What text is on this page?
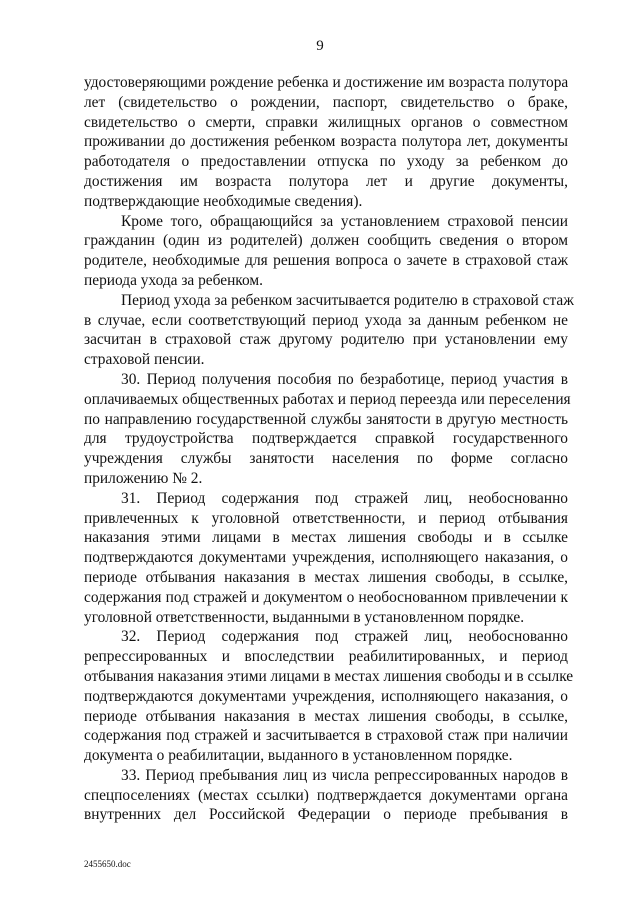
9
удостоверяющими рождение ребенка и достижение им возраста полутора
лет (свидетельство о рождении, паспорт, свидетельство о браке,
свидетельство о смерти, справки жилищных органов о совместном
проживании до достижения ребенком возраста полутора лет, документы
работодателя о предоставлении отпуска по уходу за ребенком до
достижения им возраста полутора лет и другие документы,
подтверждающие необходимые сведения).
Кроме того, обращающийся за установлением страховой пенсии
гражданин (один из родителей) должен сообщить сведения о втором
родителе, необходимые для решения вопроса о зачете в страховой стаж
периода ухода за ребенком.
Период ухода за ребенком засчитывается родителю в страховой стаж
в случае, если соответствующий период ухода за данным ребенком не
засчитан в страховой стаж другому родителю при установлении ему
страховой пенсии.
30. Период получения пособия по безработице, период участия в
оплачиваемых общественных работах и период переезда или переселения
по направлению государственной службы занятости в другую местность
для трудоустройства подтверждается справкой государственного
учреждения службы занятости населения по форме согласно
приложению № 2.
31. Период содержания под стражей лиц, необоснованно
привлеченных к уголовной ответственности, и период отбывания
наказания этими лицами в местах лишения свободы и в ссылке
подтверждаются документами учреждения, исполняющего наказания, о
периоде отбывания наказания в местах лишения свободы, в ссылке,
содержания под стражей и документом о необоснованном привлечении к
уголовной ответственности, выданными в установленном порядке.
32. Период содержания под стражей лиц, необоснованно
репрессированных и впоследствии реабилитированных, и период
отбывания наказания этими лицами в местах лишения свободы и в ссылке
подтверждаются документами учреждения, исполняющего наказания, о
периоде отбывания наказания в местах лишения свободы, в ссылке,
содержания под стражей и засчитывается в страховой стаж при наличии
документа о реабилитации, выданного в установленном порядке.
33. Период пребывания лиц из числа репрессированных народов в
спецпоселениях (местах ссылки) подтверждается документами органа
внутренних дел Российской Федерации о периоде пребывания в
2455650.doc
